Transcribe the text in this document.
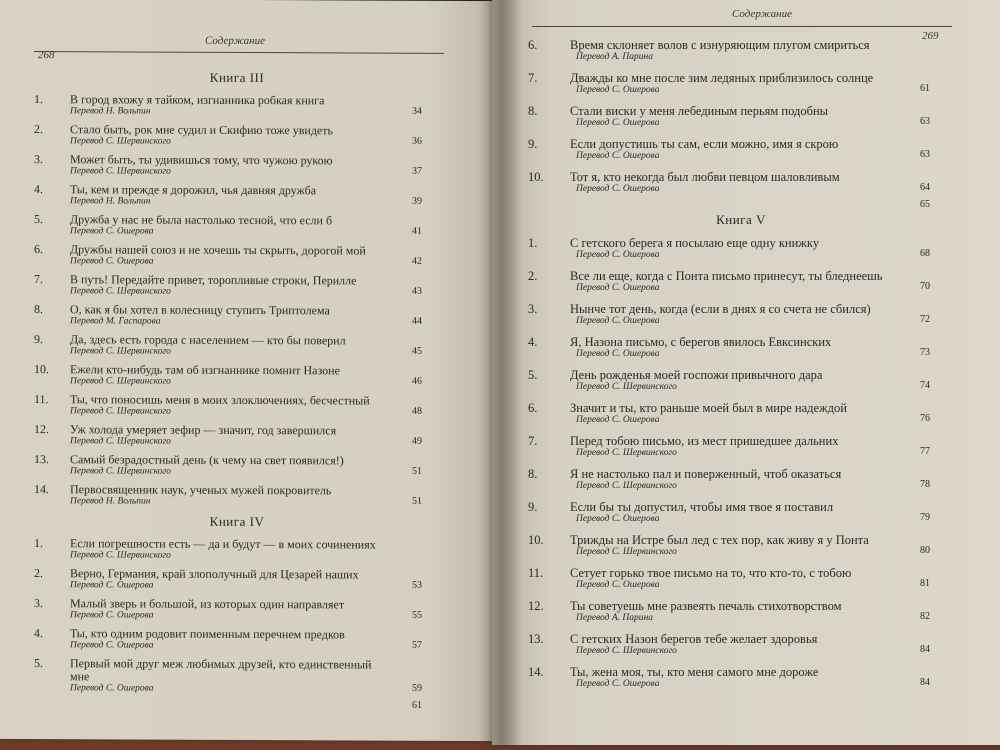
268
Содержание
Книга III
1. В город вхожу я тайком, изгнанника робкая книга
Перевод Н. Вольпин	34
2. Стало быть, рок мне судил и Скифию тоже увидеть
Перевод С. Шервинского	36
3. Может быть, ты удивишься тому, что чужою рукою
Перевод С. Шервинского	37
4. Ты, кем и прежде я дорожил, чья давняя дружба
Перевод Н. Вольпин	39
5. Дружба у нас не была настолько тесной, что если б
Перевод С. Ошерова	41
6. Дружбы нашей союз и не хочешь ты скрыть, дорогой мой
Перевод С. Ошерова	42
7. В путь! Передайте привет, торопливые строки, Перилле
Перевод С. Шервинского	43
8. О, как я бы хотел в колесницу ступить Триптолема
Перевод М. Гаспарова	44
9. Да, здесь есть города с населением — кто бы поверил
Перевод С. Шервинского	45
10. Ежели кто-нибудь там об изгнаннике помнит Назоне
Перевод С. Шервинского	46
11. Ты, что поносишь меня в моих злоключениях, бесчестный
Перевод С. Шервинского	48
12. Уж холода умеряет зефир — значит, год завершился
Перевод С. Шервинского	49
13. Самый безрадостный день (к чему на свет появился!)
Перевод С. Шервинского	51
14. Первосвященник наук, ученых мужей покровитель
Перевод Н. Вольпин	51
Книга IV
1. Если погрешности есть — да и будут — в моих сочинениях
Перевод С. Шервинского
2. Верно, Германия, край злополучный для Цезарей наших
Перевод С. Ошерова	53
3. Малый зверь и большой, из которых один направляет
Перевод С. Ошерова	55
4. Ты, кто одним родовит поименным перечнем предков
Перевод С. Ошерова	57
5. Первый мой друг меж любимых друзей, кто единственный мне
Перевод С. Ошерова	59
61
Содержание
269
6.	Время склоняет волов с изнуряющим плугом смириться
Перевод А. Парина
7.	Дважды ко мне после зим ледяных приблизилось солнце
Перевод С. Ошерова	61
8.	Стали виски у меня лебединым перьям подобны
Перевод С. Ошерова	63
9.	Если допустишь ты сам, если можно, имя я скрою
Перевод С. Ошерова	63
10. Тот я, кто некогда был любви певцом шаловливым
Перевод С. Ошерова	64
65
Книга V
1.	С гетского берега я посылаю еще одну книжку
Перевод С. Ошерова	68
2.	Все ли еще, когда с Понта письмо принесут, ты бледнеешь
Перевод С. Ошерова	70
3.	Нынче тот день, когда (если в днях я со счета не сбился)
Перевод С. Ошерова	72
4.	Я, Назона письмо, с берегов явилось Евксинских
Перевод С. Ошерова	73
5.	День рожденья моей госпожи привычного дара
Перевод С. Шервинского	74
6.	Значит и ты, кто раньше моей был в мире надеждой
Перевод С. Ошерова	76
7.	Перед тобою письмо, из мест пришедшее дальних
Перевод С. Шервинского	77
8.	Я не настолько пал и поверженный, чтоб оказаться
Перевод С. Шервинского	78
9.	Если бы ты допустил, чтобы имя твое я поставил
Перевод С. Ошерова	79
10. Трижды на Истре был лед с тех пор, как живу я у Понта
Перевод С. Шервинского	80
11. Сетует горько твое письмо на то, что кто-то, с тобою
Перевод С. Ошерова	81
12. Ты советуешь мне развеять печаль стихотворством
Перевод А. Парина	82
13. С гетских Назон берегов тебе желает здоровья
Перевод С. Шервинского	84
14. Ты, жена моя, ты, кто меня самого мне дороже
Перевод С. Ошерова	84
